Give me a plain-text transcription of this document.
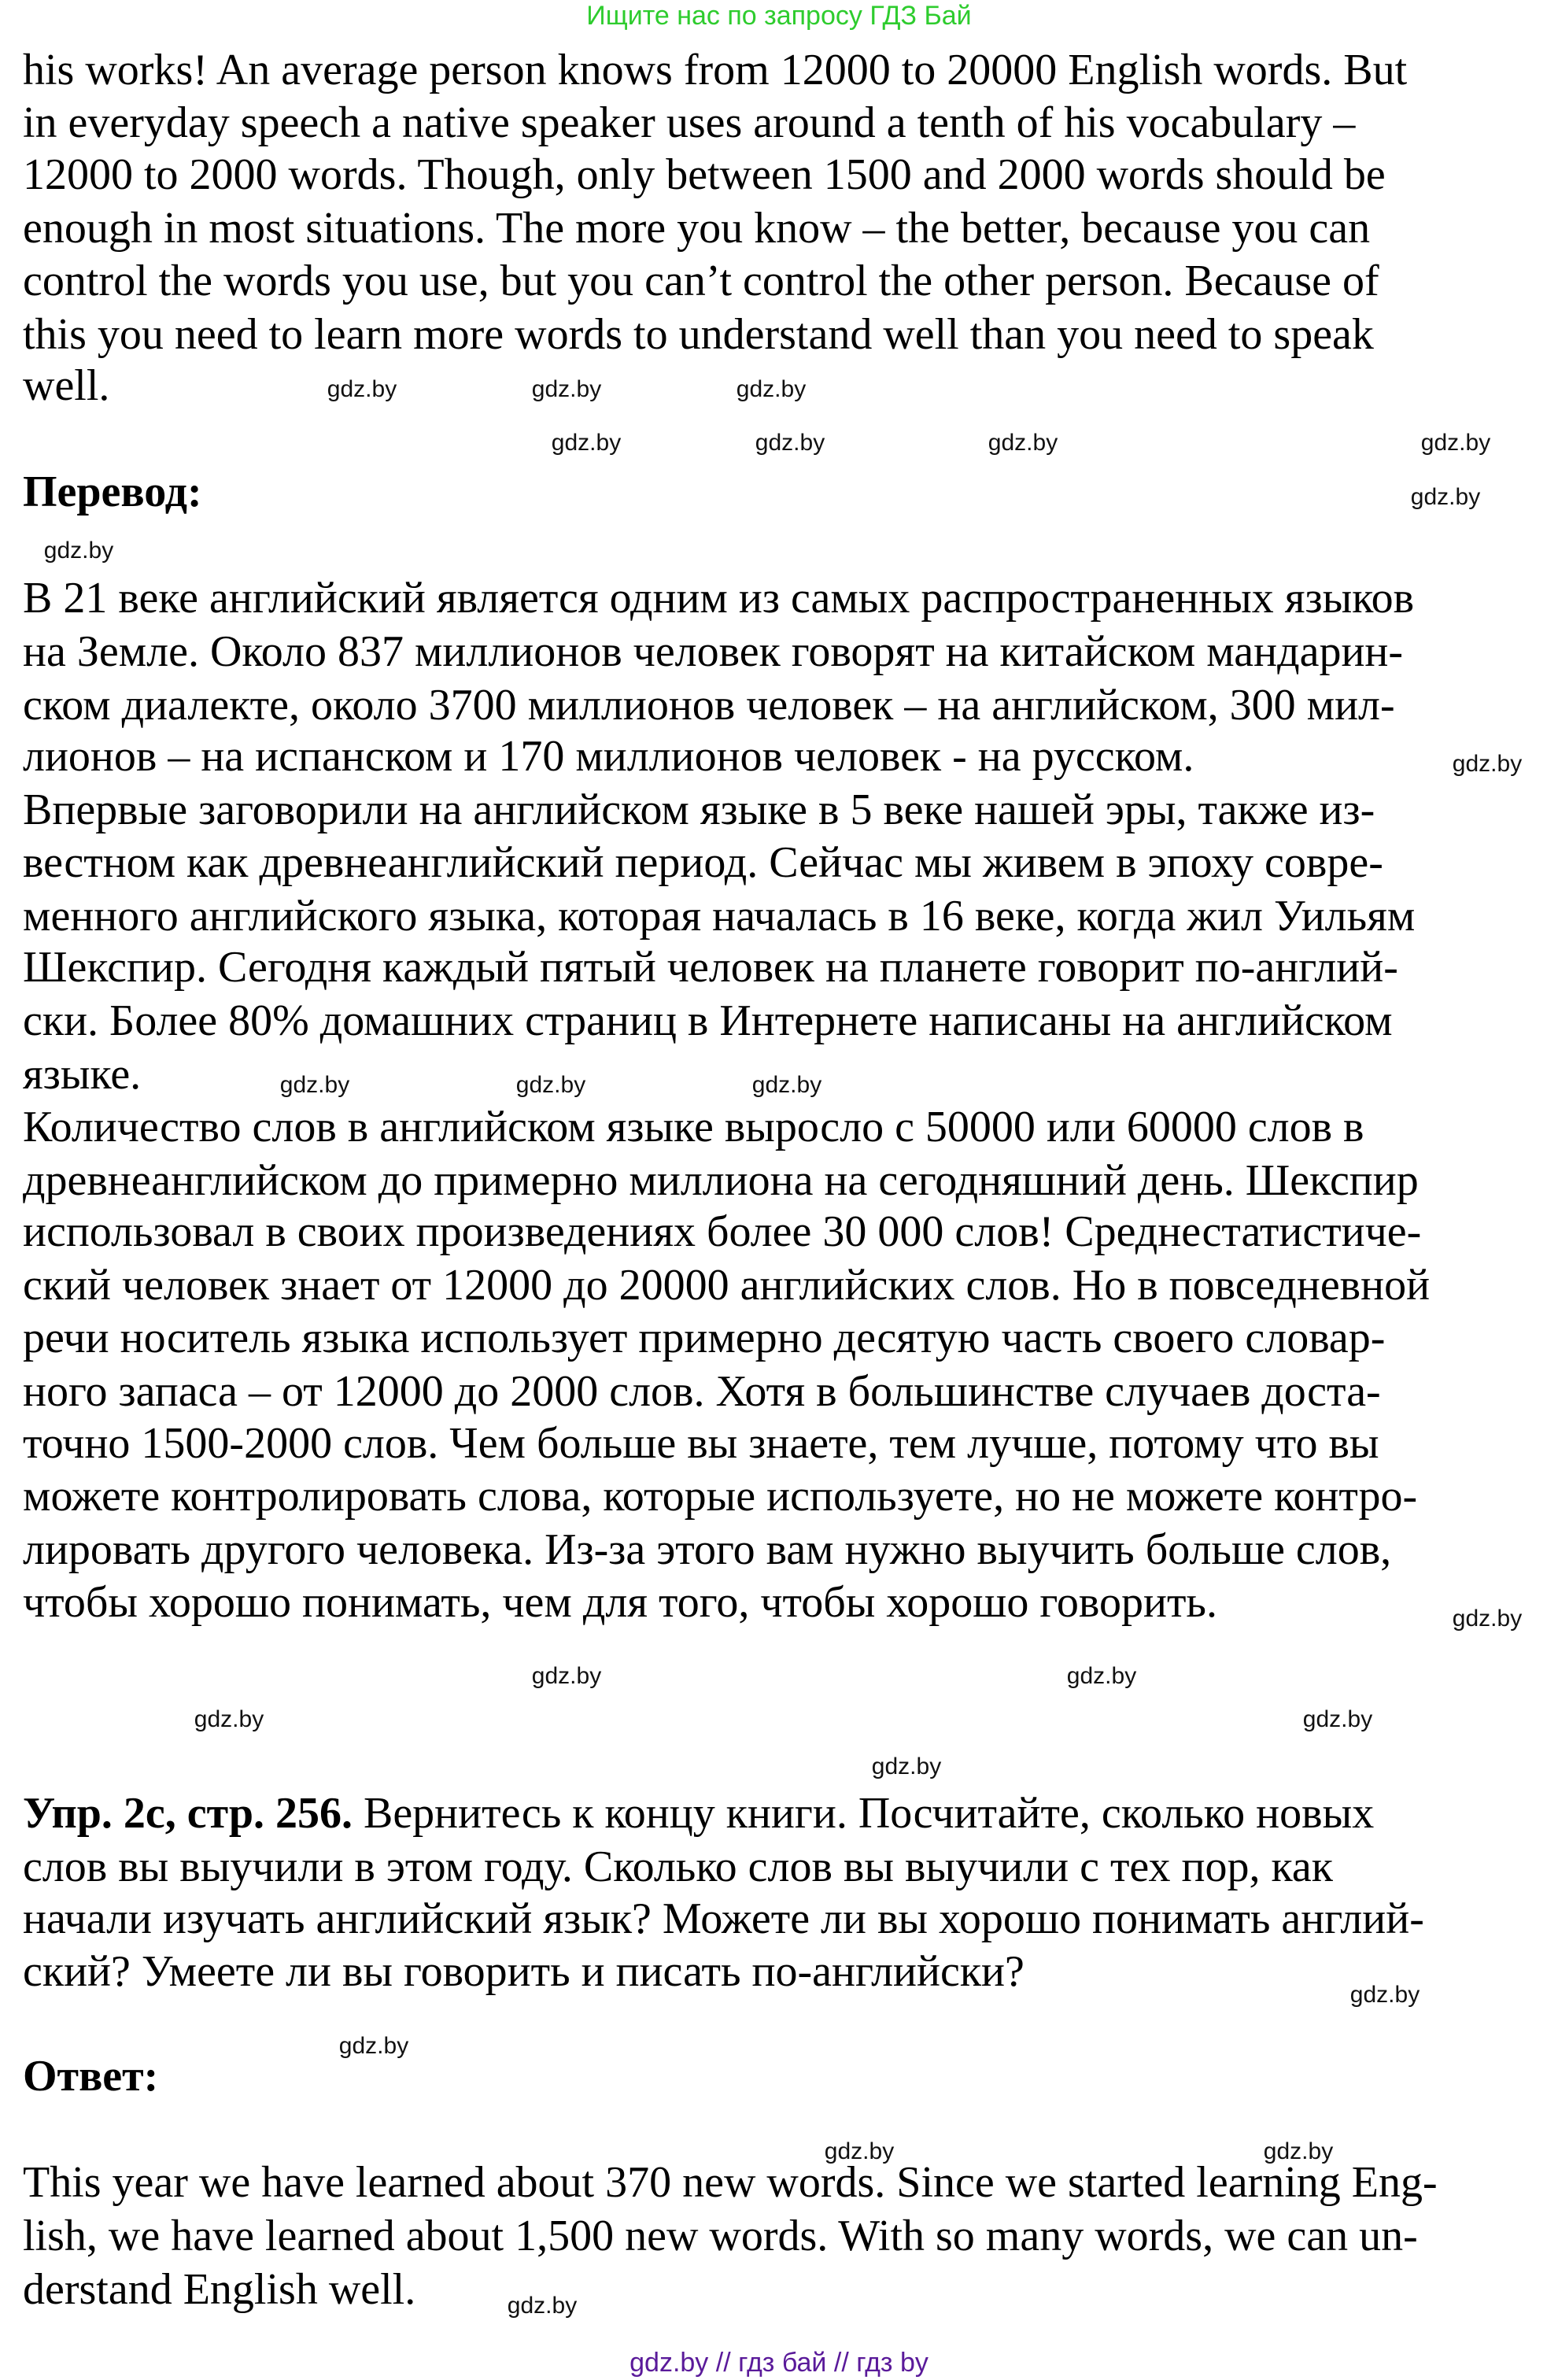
Ищите нас по запросу ГДЗ Бай
his works! An average person knows from 12000 to 20000 English words. But
in everyday speech a native speaker uses around a tenth of his vocabulary –
12000 to 2000 words. Though, only between 1500 and 2000 words should be
enough in most situations. The more you know – the better, because you can
control the words you use, but you can’t control the other person. Because of
this you need to learn more words to understand well than you need to speak
well.
Перевод:
В 21 веке английский является одним из самых распространенных языков
на Земле. Около 837 миллионов человек говорят на китайском мандарин-
ском диалекте, около 3700 миллионов человек – на английском, 300 мил-
лионов – на испанском и 170 миллионов человек - на русском.
Впервые заговорили на английском языке в 5 веке нашей эры, также из-
вестном как древнеанглийский период. Сейчас мы живем в эпоху совре-
менного английского языка, которая началась в 16 веке, когда жил Уильям
Шекспир. Сегодня каждый пятый человек на планете говорит по-англий-
ски. Более 80% домашних страниц в Интернете написаны на английском
языке.
Количество слов в английском языке выросло с 50000 или 60000 слов в
древнеанглийском до примерно миллиона на сегодняшний день. Шекспир
использовал в своих произведениях более 30 000 слов! Среднестатистиче-
ский человек знает от 12000 до 20000 английских слов. Но в повседневной
речи носитель языка использует примерно десятую часть своего словар-
ного запаса – от 12000 до 2000 слов. Хотя в большинстве случаев доста-
точно 1500-2000 слов. Чем больше вы знаете, тем лучше, потому что вы
можете контролировать слова, которые используете, но не можете контро-
лировать другого человека. Из-за этого вам нужно выучить больше слов,
чтобы хорошо понимать, чем для того, чтобы хорошо говорить.
Упр. 2с, стр. 256. Вернитесь к концу книги. Посчитайте, сколько новых
слов вы выучили в этом году. Сколько слов вы выучили с тех пор, как
начали изучать английский язык? Можете ли вы хорошо понимать англий-
ский? Умеете ли вы говорить и писать по-английски?
Ответ:
This year we have learned about 370 new words. Since we started learning Eng-
lish, we have learned about 1,500 new words. With so many words, we can un-
derstand English well.
gdz.by	gdz.by	gdz.by
gdz.by	gdz.by	gdz.by	gdz.by
gdz.by
gdz.by
gdz.by
gdz.by	gdz.by	gdz.by
gdz.by
gdz.by	gdz.by
gdz.by	gdz.by
gdz.by
gdz.by
gdz.by
gdz.by	gdz.by
gdz.by
gdz.by // гдз бай // гдз by
